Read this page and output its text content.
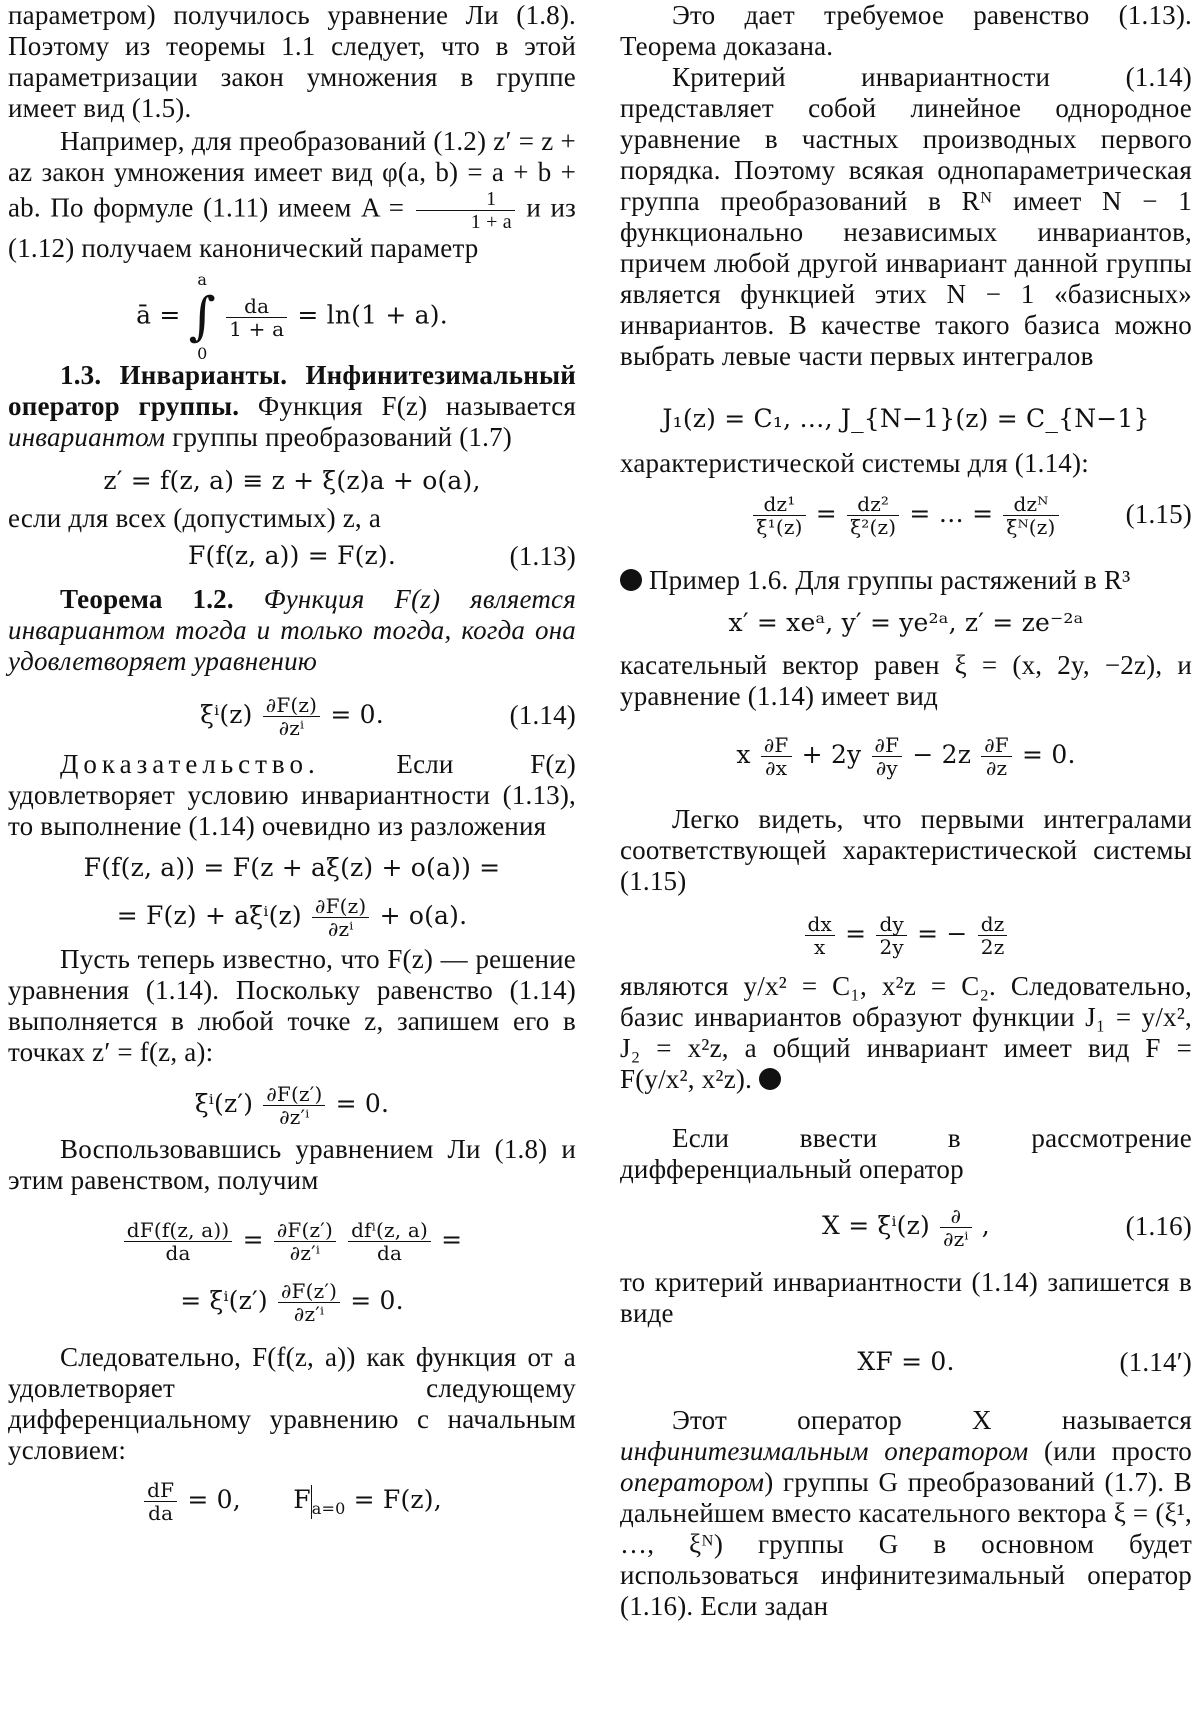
параметром) получилось уравнение Ли (1.8). Поэтому из теоремы 1.1 следует, что в этой параметризации закон умножения в группе имеет вид (1.5).

Например, для преобразований (1.2) z′ = z + az закон умножения имеет вид φ(a, b) = a + b + ab. По формуле (1.11) имеем $A = \frac{1}{1 + a}$ и из (1.12) получаем канонический параметр

ā =
a
∫
0

$\frac{da}{1 + a} = \ln(1 + a)$.

1.3. Инварианты. Инфинитезимальный оператор группы. Функция F(z) называется инвариантом группы преобразований (1.7)

z′ = f(z, a) ≡ z + ξ(z)a + o(a),

если для всех (допустимых) z, a

F(f(z, a)) = F(z).	(1.13)

Теорема 1.2. Функция F(z) является инвариантом тогда и только тогда, когда она удовлетворяет уравнению

$\xi^i(z) \frac{\partial F(z)}{\text{∂zⁱ}} = 0$.	(1.14)

Доказательство.	Если F(z) удовлетворяет условию инвариантности (1.13), то выполнение (1.14) очевидно из разложения

F(f(z, a)) = F(z + aξ(z) + o(a)) =
= $F(z) + a\xi^i(z) \frac{\partial F(z)}{\text{∂zⁱ}} + o(a)$.

Пусть теперь известно, что F(z) — решение уравнения (1.14). Поскольку равенство (1.14) выполняется в любой точке z, запишем его в точках z′ = f(z, a):

$\xi^i(z') \frac{\partial F(z')}{\text{∂z′ⁱ}} = 0$.

Воспользовавшись уравнением Ли (1.8) и этим равенством, получим

$\frac{dF(f(z, a))}{da} = \frac{\partial F(z')}{\text{∂z′ⁱ}}$
$\frac{\text{dfⁱ(z, a)}}{da}$ =
= $\xi^i(z') \frac{\partial F(z')}{\text{∂z′ⁱ}} = 0$.

Следовательно, F(f(z, a)) как функция от a удовлетворяет следующему дифференциальному уравнению с начальным условием:

$\frac{dF}{da} = 0$, $F_{a=0} = F(z)$,

Это дает требуемое равенство (1.13). Теорема доказана.

Критерий инвариантности (1.14) представляет собой линейное однородное уравнение в частных производных первого порядка. Поэтому всякая однопараметрическая группа преобразований в Rᴺ имеет N − 1 функционально независимых инвариантов, причем любой другой инвариант данной группы является функцией этих N − 1 «базисных» инвариантов. В качестве такого базиса можно выбрать левые части первых интегралов

J₁(z) = C₁, …, J_{N−1}(z) = C_{N−1}

характеристической системы для (1.14):

$\frac{\text{dz¹}}{\text{ξ¹(z)}} = \frac{\text{dz²}}{\text{ξ²(z)}}$ = … = $\frac{\text{dzᴺ}}{\text{ξᴺ(z)}} (1.15)$

Пример 1.6. Для группы растяжений в R³

x′ = xeᵃ, y′ = ye²ᵃ, z′ = ze⁻²ᵃ

касательный вектор равен ξ = (x, 2y, −2z), и уравнение (1.14) имеет вид

x $\frac{\partial F}{\partial x} + 2y \frac{\partial F}{\partial y} - 2z \frac{\partial F}{\partial z} = 0$.

Легко видеть, что первыми интегралами соответствующей характеристической системы (1.15)

$\frac{dx}{x} = \frac{dy}{2y}$ = − $\frac{dz}{2z}$

являются y/x² = C₁, x²z = C₂. Следовательно, базис инвариантов образуют функции J₁ = y/x², J₂ = x²z, а общий инвариант имеет вид F = F(y/x², x²z).

Если ввести в рассмотрение дифференциальный оператор

$X = \xi^i(z) \frac{\partial}{\text{∂zⁱ}}$ ,	(1.16)

то критерий инвариантности (1.14) запишется в виде

XF = 0.	(1.14′)

Этот оператор X называется инфинитезимальным оператором (или просто оператором) группы G преобразований (1.7). В дальнейшем вместо касательного вектора ξ = (ξ¹, …, ξᴺ) группы G в основном будет использоваться инфинитезимальный оператор (1.16). Если задан
